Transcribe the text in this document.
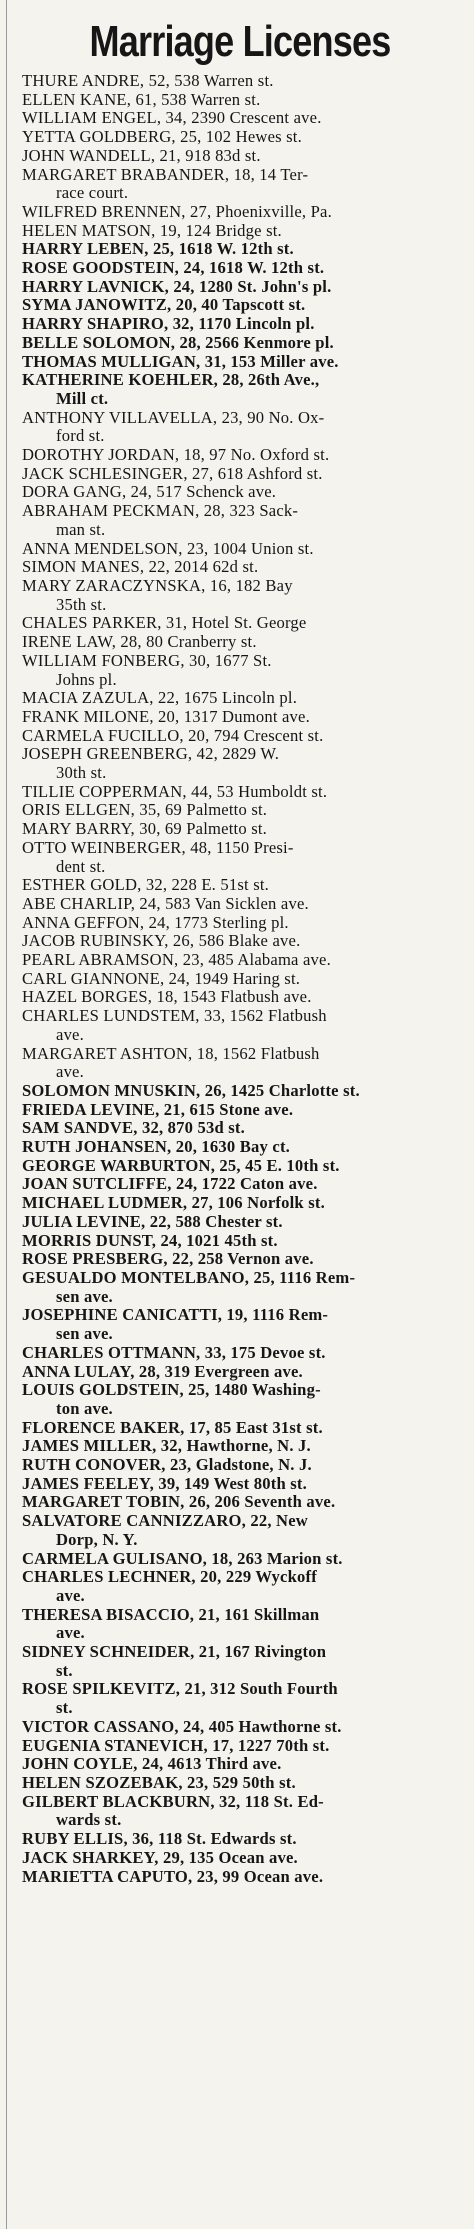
Marriage Licenses
THURE ANDRE, 52, 538 Warren st.
ELLEN KANE, 61, 538 Warren st.
WILLIAM ENGEL, 34, 2390 Crescent ave.
YETTA GOLDBERG, 25, 102 Hewes st.
JOHN WANDELL, 21, 918 83d st.
MARGARET BRABANDER, 18, 14 Ter-
race court.
WILFRED BRENNEN, 27, Phoenixville, Pa.
HELEN MATSON, 19, 124 Bridge st.
HARRY LEBEN, 25, 1618 W. 12th st.
ROSE GOODSTEIN, 24, 1618 W. 12th st.
HARRY LAVNICK, 24, 1280 St. John's pl.
SYMA JANOWITZ, 20, 40 Tapscott st.
HARRY SHAPIRO, 32, 1170 Lincoln pl.
BELLE SOLOMON, 28, 2566 Kenmore pl.
THOMAS MULLIGAN, 31, 153 Miller ave.
KATHERINE KOEHLER, 28, 26th Ave.,
Mill ct.
ANTHONY VILLAVELLA, 23, 90 No. Ox-
ford st.
DOROTHY JORDAN, 18, 97 No. Oxford st.
JACK SCHLESINGER, 27, 618 Ashford st.
DORA GANG, 24, 517 Schenck ave.
ABRAHAM PECKMAN, 28, 323 Sack-
man st.
ANNA MENDELSON, 23, 1004 Union st.
SIMON MANES, 22, 2014 62d st.
MARY ZARACZYNSKA, 16, 182 Bay
35th st.
CHALES PARKER, 31, Hotel St. George
IRENE LAW, 28, 80 Cranberry st.
WILLIAM FONBERG, 30, 1677 St.
Johns pl.
MACIA ZAZULA, 22, 1675 Lincoln pl.
FRANK MILONE, 20, 1317 Dumont ave.
CARMELA FUCILLO, 20, 794 Crescent st.
JOSEPH GREENBERG, 42, 2829 W.
30th st.
TILLIE COPPERMAN, 44, 53 Humboldt st.
ORIS ELLGEN, 35, 69 Palmetto st.
MARY BARRY, 30, 69 Palmetto st.
OTTO WEINBERGER, 48, 1150 Presi-
dent st.
ESTHER GOLD, 32, 228 E. 51st st.
ABE CHARLIP, 24, 583 Van Sicklen ave.
ANNA GEFFON, 24, 1773 Sterling pl.
JACOB RUBINSKY, 26, 586 Blake ave.
PEARL ABRAMSON, 23, 485 Alabama ave.
CARL GIANNONE, 24, 1949 Haring st.
HAZEL BORGES, 18, 1543 Flatbush ave.
CHARLES LUNDSTEM, 33, 1562 Flatbush
ave.
MARGARET ASHTON, 18, 1562 Flatbush
ave.
SOLOMON MNUSKIN, 26, 1425 Charlotte st.
FRIEDA LEVINE, 21, 615 Stone ave.
SAM SANDVE, 32, 870 53d st.
RUTH JOHANSEN, 20, 1630 Bay ct.
GEORGE WARBURTON, 25, 45 E. 10th st.
JOAN SUTCLIFFE, 24, 1722 Caton ave.
MICHAEL LUDMER, 27, 106 Norfolk st.
JULIA LEVINE, 22, 588 Chester st.
MORRIS DUNST, 24, 1021 45th st.
ROSE PRESBERG, 22, 258 Vernon ave.
GESUALDO MONTELBANO, 25, 1116 Rem-
sen ave.
JOSEPHINE CANICATTI, 19, 1116 Rem-
sen ave.
CHARLES OTTMANN, 33, 175 Devoe st.
ANNA LULAY, 28, 319 Evergreen ave.
LOUIS GOLDSTEIN, 25, 1480 Washing-
ton ave.
FLORENCE BAKER, 17, 85 East 31st st.
JAMES MILLER, 32, Hawthorne, N. J.
RUTH CONOVER, 23, Gladstone, N. J.
JAMES FEELEY, 39, 149 West 80th st.
MARGARET TOBIN, 26, 206 Seventh ave.
SALVATORE CANNIZZARO, 22, New
Dorp, N. Y.
CARMELA GULISANO, 18, 263 Marion st.
CHARLES LECHNER, 20, 229 Wyckoff
ave.
THERESA BISACCIO, 21, 161 Skillman
ave.
SIDNEY SCHNEIDER, 21, 167 Rivington
st.
ROSE SPILKEVITZ, 21, 312 South Fourth
st.
VICTOR CASSANO, 24, 405 Hawthorne st.
EUGENIA STANEVICH, 17, 1227 70th st.
JOHN COYLE, 24, 4613 Third ave.
HELEN SZOZEBAK, 23, 529 50th st.
GILBERT BLACKBURN, 32, 118 St. Ed-
wards st.
RUBY ELLIS, 36, 118 St. Edwards st.
JACK SHARKEY, 29, 135 Ocean ave.
MARIETTA CAPUTO, 23, 99 Ocean ave.
